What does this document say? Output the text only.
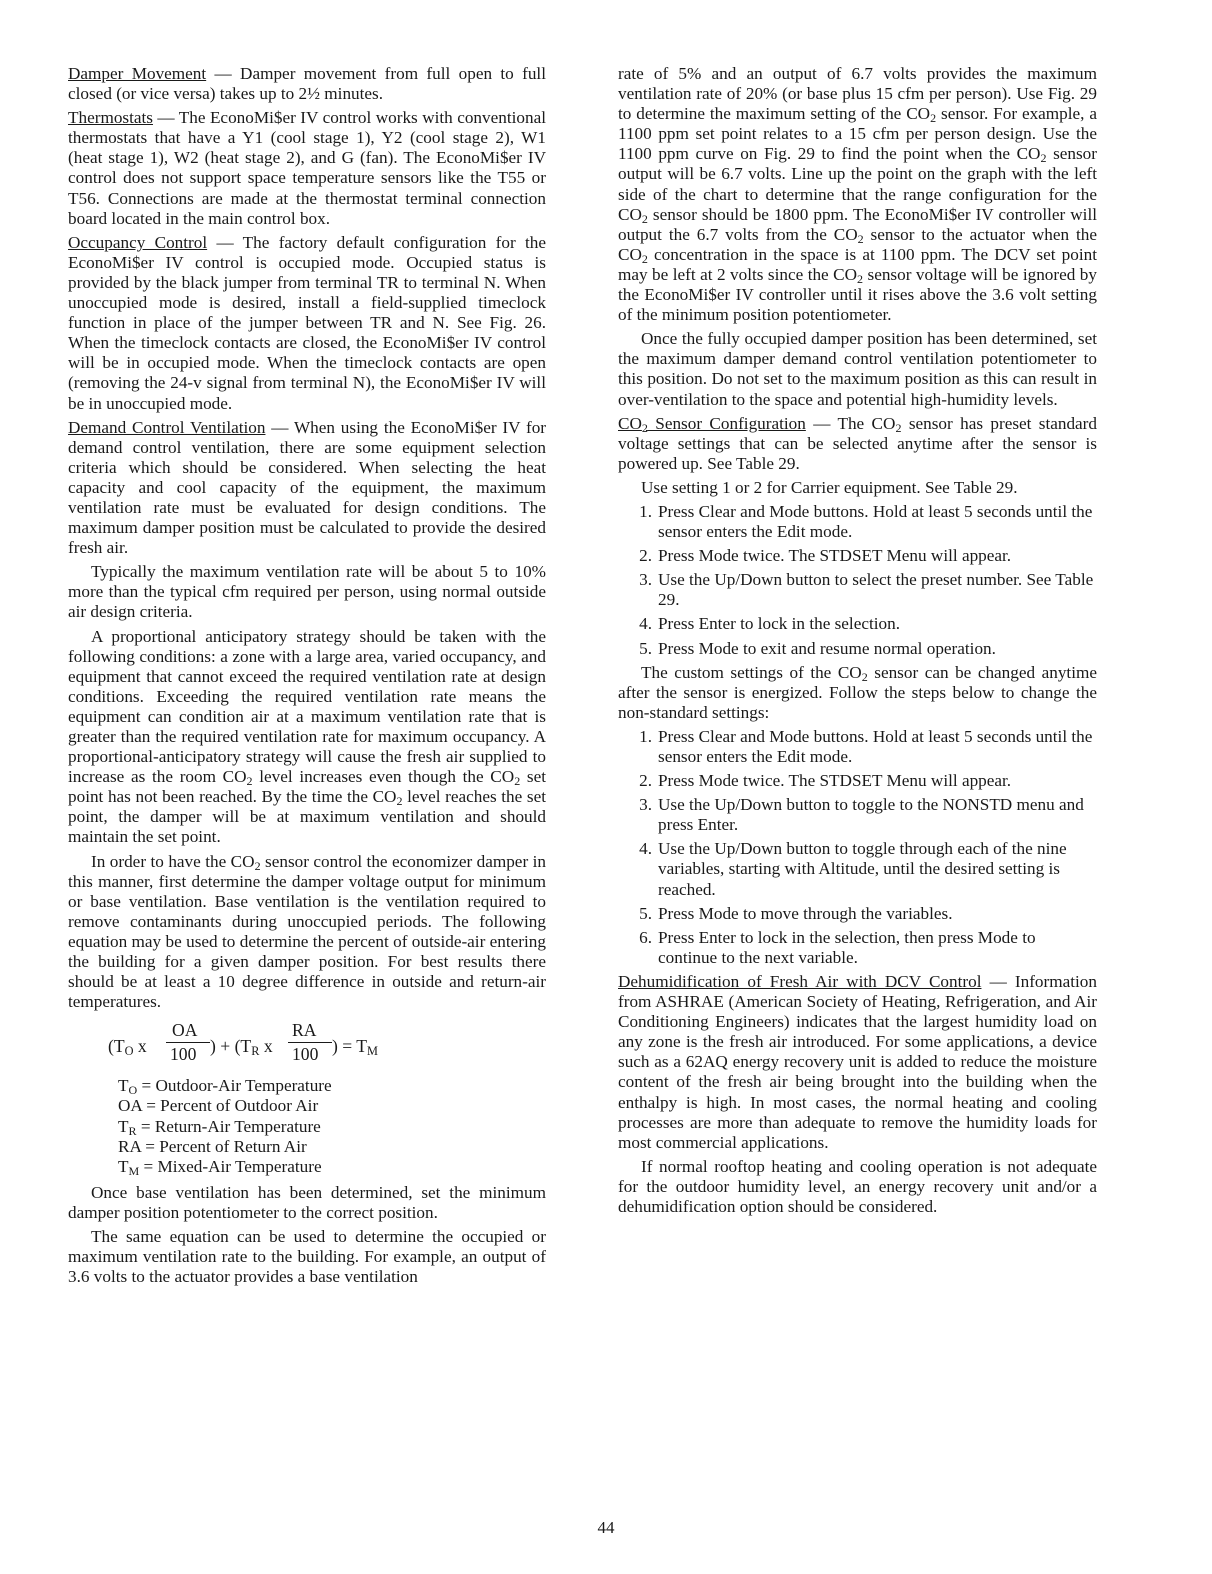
Damper Movement — Damper movement from full open to full closed (or vice versa) takes up to 2½ minutes.

Thermostats — The EconoMi$er IV control works with conventional thermostats that have a Y1 (cool stage 1), Y2 (cool stage 2), W1 (heat stage 1), W2 (heat stage 2), and G (fan). The EconoMi$er IV control does not support space temperature sensors like the T55 or T56. Connections are made at the thermostat terminal connection board located in the main control box.

Occupancy Control — The factory default configuration for the EconoMi$er IV control is occupied mode. Occupied status is provided by the black jumper from terminal TR to terminal N. When unoccupied mode is desired, install a field-supplied timeclock function in place of the jumper between TR and N. See Fig. 26. When the timeclock contacts are closed, the EconoMi$er IV control will be in occupied mode. When the timeclock contacts are open (removing the 24-v signal from terminal N), the EconoMi$er IV will be in unoccupied mode.

Demand Control Ventilation — When using the EconoMi$er IV for demand control ventilation, there are some equipment selection criteria which should be considered. When selecting the heat capacity and cool capacity of the equipment, the maximum ventilation rate must be evaluated for design conditions. The maximum damper position must be calculated to provide the desired fresh air.

Typically the maximum ventilation rate will be about 5 to 10% more than the typical cfm required per person, using normal outside air design criteria.

A proportional anticipatory strategy should be taken with the following conditions: a zone with a large area, varied occupancy, and equipment that cannot exceed the required ventilation rate at design conditions. Exceeding the required ventilation rate means the equipment can condition air at a maximum ventilation rate that is greater than the required ventilation rate for maximum occupancy. A proportional-anticipatory strategy will cause the fresh air supplied to increase as the room $CO_2$ level increases even though the $CO_2$ set point has not been reached. By the time the $CO_2$ level reaches the set point, the damper will be at maximum ventilation and should maintain the set point.

In order to have the $CO_2$ sensor control the economizer damper in this manner, first determine the damper voltage output for minimum or base ventilation. Base ventilation is the ventilation required to remove contaminants during unoccupied periods. The following equation may be used to determine the percent of outside-air entering the building for a given damper position. For best results there should be at least a 10 degree difference in outside and return-air temperatures.

($T_O$ x
OA
100 ) + ($T_R$ x
RA
100 ) = $T_M$
$T_O$ = Outdoor-Air Temperature
OA = Percent of Outdoor Air
$T_R$ = Return-Air Temperature
RA = Percent of Return Air
$T_M$ = Mixed-Air Temperature

Once base ventilation has been determined, set the minimum damper position potentiometer to the correct position.

The same equation can be used to determine the occupied or maximum ventilation rate to the building. For example, an output of 3.6 volts to the actuator provides a base ventilation

rate of 5% and an output of 6.7 volts provides the maximum ventilation rate of 20% (or base plus 15 cfm per person). Use Fig. 29 to determine the maximum setting of the $CO_2$ sensor. For example, a 1100 ppm set point relates to a 15 cfm per person design. Use the 1100 ppm curve on Fig. 29 to find the point when the $CO_2$ sensor output will be 6.7 volts. Line up the point on the graph with the left side of the chart to determine that the range configuration for the $CO_2$ sensor should be 1800 ppm. The EconoMi$er IV controller will output the 6.7 volts from the $CO_2$ sensor to the actuator when the $CO_2$ concentration in the space is at 1100 ppm. The DCV set point may be left at 2 volts since the $CO_2$ sensor voltage will be ignored by the EconoMi$er IV controller until it rises above the 3.6 volt setting of the minimum position potentiometer.

Once the fully occupied damper position has been determined, set the maximum damper demand control ventilation potentiometer to this position. Do not set to the maximum position as this can result in over-ventilation to the space and potential high-humidity levels.

$CO_2$ Sensor Configuration — The $CO_2$ sensor has preset standard voltage settings that can be selected anytime after the sensor is powered up. See Table 29.

Use setting 1 or 2 for Carrier equipment. See Table 29.

1. Press Clear and Mode buttons. Hold at least 5 seconds until the sensor enters the Edit mode.
2. Press Mode twice. The STDSET Menu will appear.
3. Use the Up/Down button to select the preset number. See Table 29.
4. Press Enter to lock in the selection.
5. Press Mode to exit and resume normal operation.

The custom settings of the $CO_2$ sensor can be changed anytime after the sensor is energized. Follow the steps below to change the non-standard settings:

1. Press Clear and Mode buttons. Hold at least 5 seconds until the sensor enters the Edit mode.
2. Press Mode twice. The STDSET Menu will appear.
3. Use the Up/Down button to toggle to the NONSTD menu and press Enter.
4. Use the Up/Down button to toggle through each of the nine variables, starting with Altitude, until the desired setting is reached.
5. Press Mode to move through the variables.
6. Press Enter to lock in the selection, then press Mode to continue to the next variable.

Dehumidification of Fresh Air with DCV Control — Information from ASHRAE (American Society of Heating, Refrigeration, and Air Conditioning Engineers) indicates that the largest humidity load on any zone is the fresh air introduced. For some applications, a device such as a 62AQ energy recovery unit is added to reduce the moisture content of the fresh air being brought into the building when the enthalpy is high. In most cases, the normal heating and cooling processes are more than adequate to remove the humidity loads for most commercial applications.

If normal rooftop heating and cooling operation is not adequate for the outdoor humidity level, an energy recovery unit and/or a dehumidification option should be considered.

44
